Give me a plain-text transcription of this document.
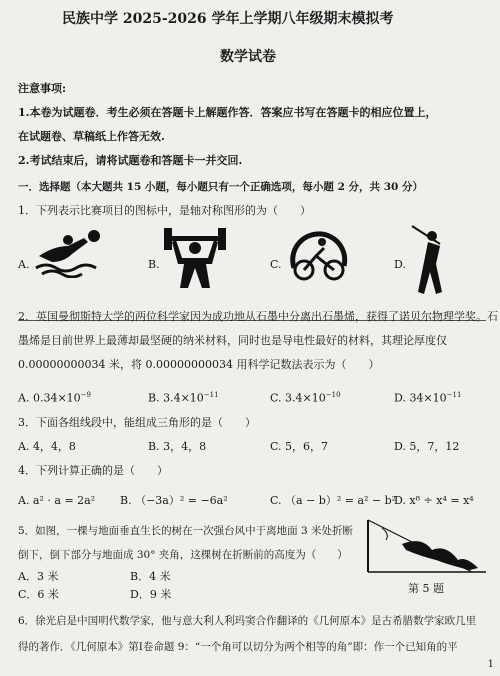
民族中学 2025-2026 学年上学期八年级期末模拟考
数学试卷
注意事项:
1.本卷为试题卷．考生必须在答题卡上解题作答．答案应书写在答题卡的相应位置上，
在试题卷、草稿纸上作答无效.
2.考试结束后，请将试题卷和答题卡一并交回.
一．选择题（本大题共 15 小题，每小题只有一个正确选项，每小题 2 分，共 30 分）
1．下列表示比赛项目的图标中，是轴对称图形的为（　　）
A.	B.	C.	D.
2．英国曼彻斯特大学的两位科学家因为成功地从石墨中分离出石墨烯，获得了诺贝尔物理学奖。石
墨烯是目前世界上最薄却最坚硬的纳米材料，同时也是导电性最好的材料，其理论厚度仅
0.00000000034 米，将 0.00000000034 用科学记数法表示为（　　）
A. $0.34\times 10^{-9}$	B. $3.4\times 10^{-11}$	C. $3.4\times 10^{-10}$	D. $34\times 10^{-11}$
3．下面各组线段中，能组成三角形的是（　　）
A. 4，4，8	B. 3，4，8	C. 5，6，7	D. 5，7，12
4．下列计算正确的是（　　）
A. a² · a = 2a² B. （−3a）² = −6a²	C. （a − b）² = a² − b²
D. x⁸ ÷ x⁴ = x⁴
5．如图，一棵与地面垂直生长的树在一次强台风中于离地面 3 米处折断
倒下，倒下部分与地面成 30° 夹角，这棵树在折断前的高度为（　　）
A．3 米	B．4 米
C．6 米	D．9 米	第 5 题
6．徐光启是中国明代数学家，他与意大利人利玛窦合作翻译的《几何原本》是古希腊数学家欧几里
得的著作．《几何原本》第Ⅰ卷命题 9：“一个角可以切分为两个相等的角”即：作一个已知角的平
1
